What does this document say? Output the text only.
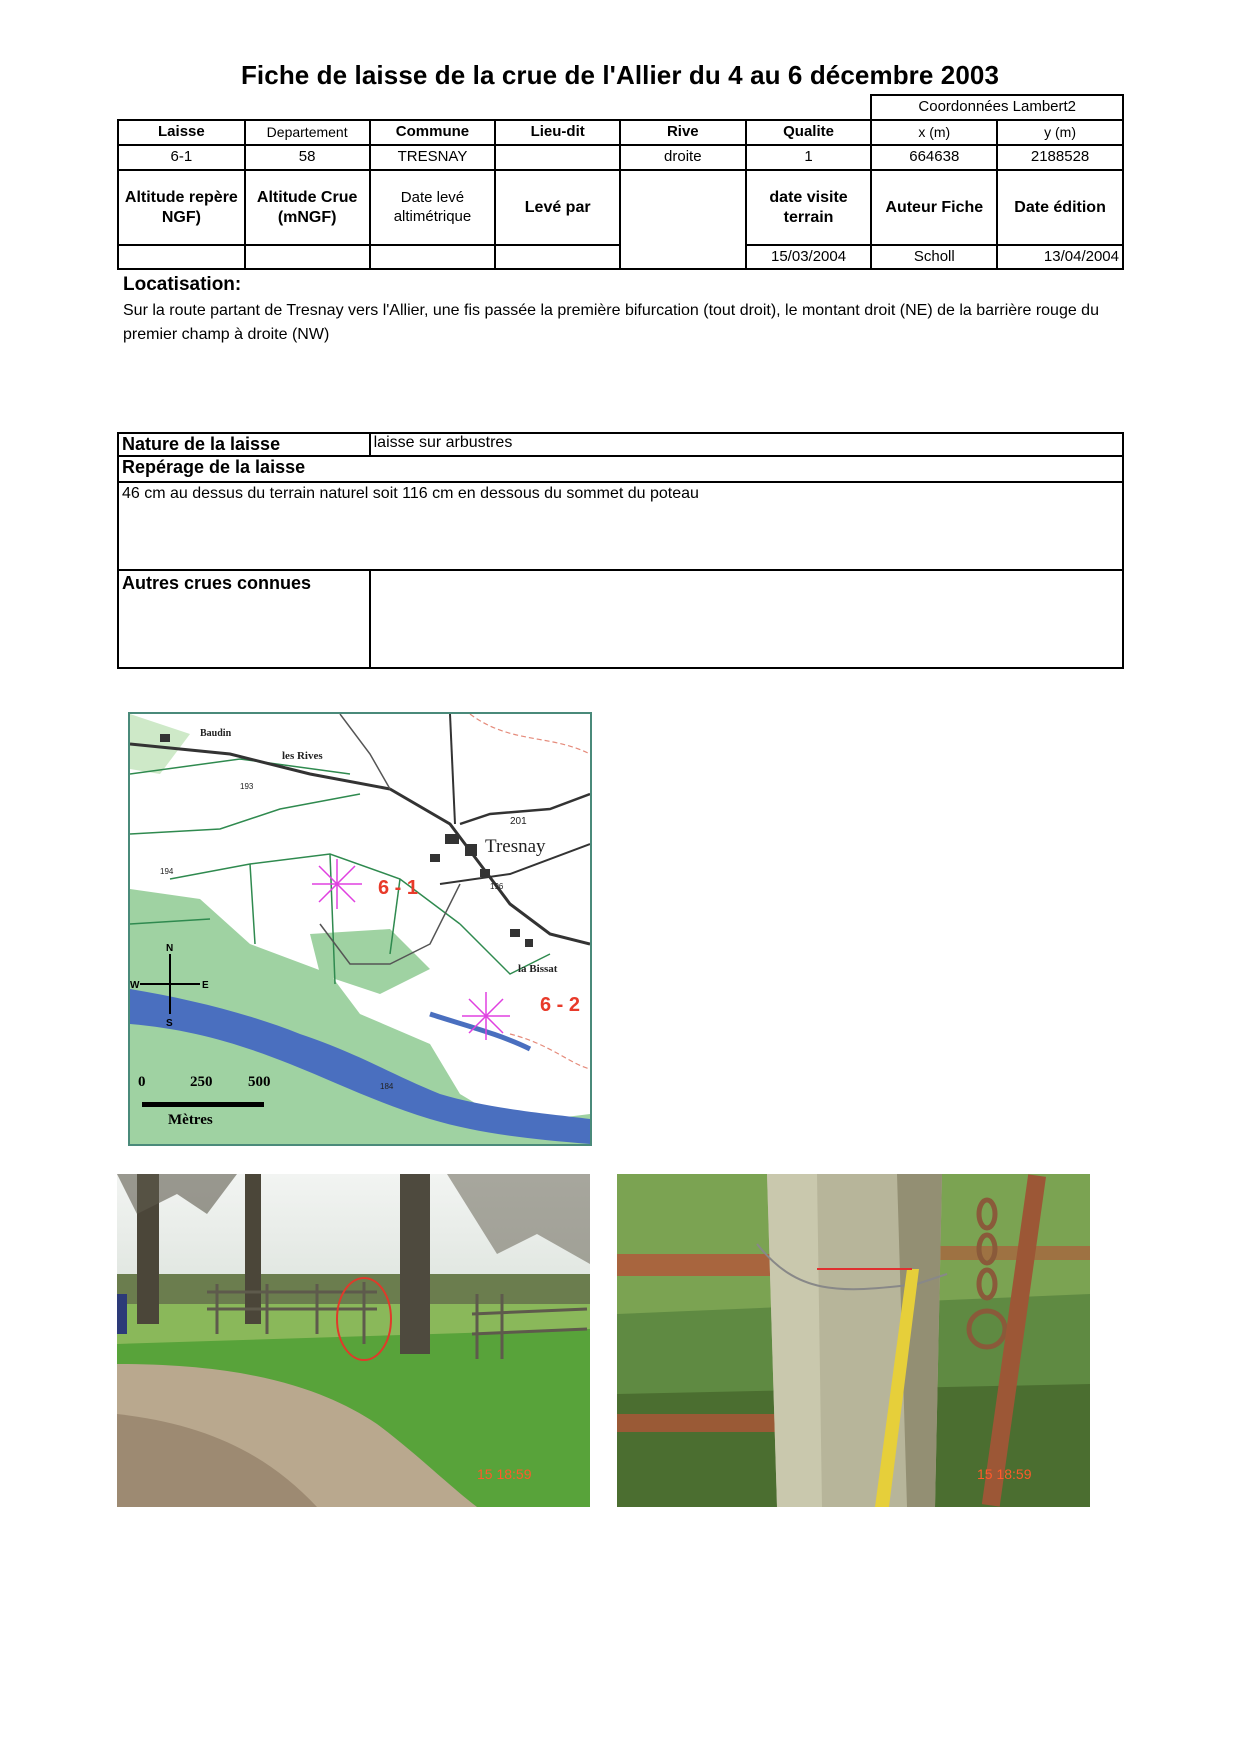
Fiche de laisse de la crue de l'Allier du 4 au 6 décembre 2003
						Coordonnées Lambert2	
Laisse	Departement	Commune	Lieu-dit	Rive	Qualite	x (m)	y (m)
6-1	58	TRESNAY		droite	1	664638	2188528
Altitude repère NGF)	Altitude Crue (mNGF)	Date levé altimétrique	Levé par		date visite terrain	Auteur Fiche	Date édition
					15/03/2004	Scholl	13/04/2004
Locatisation:
Sur la route partant de Tresnay vers l'Allier, une fis passée la première bifurcation (tout droit), le montant droit (NE) de la barrière rouge du premier champ à droite (NW)
Nature de la laisse	laisse sur arbustres
Repérage de la laisse	
46 cm au dessus du terrain naturel soit 116 cm en dessous du sommet du poteau	
Autres crues connues	
Tresnay
6 - 1
6 - 2
les Rives
la Bissat
Baudin
193
194
196
201
184
N
S
W	E
0	250 500
Mètres
15 18:59	15 18:59
